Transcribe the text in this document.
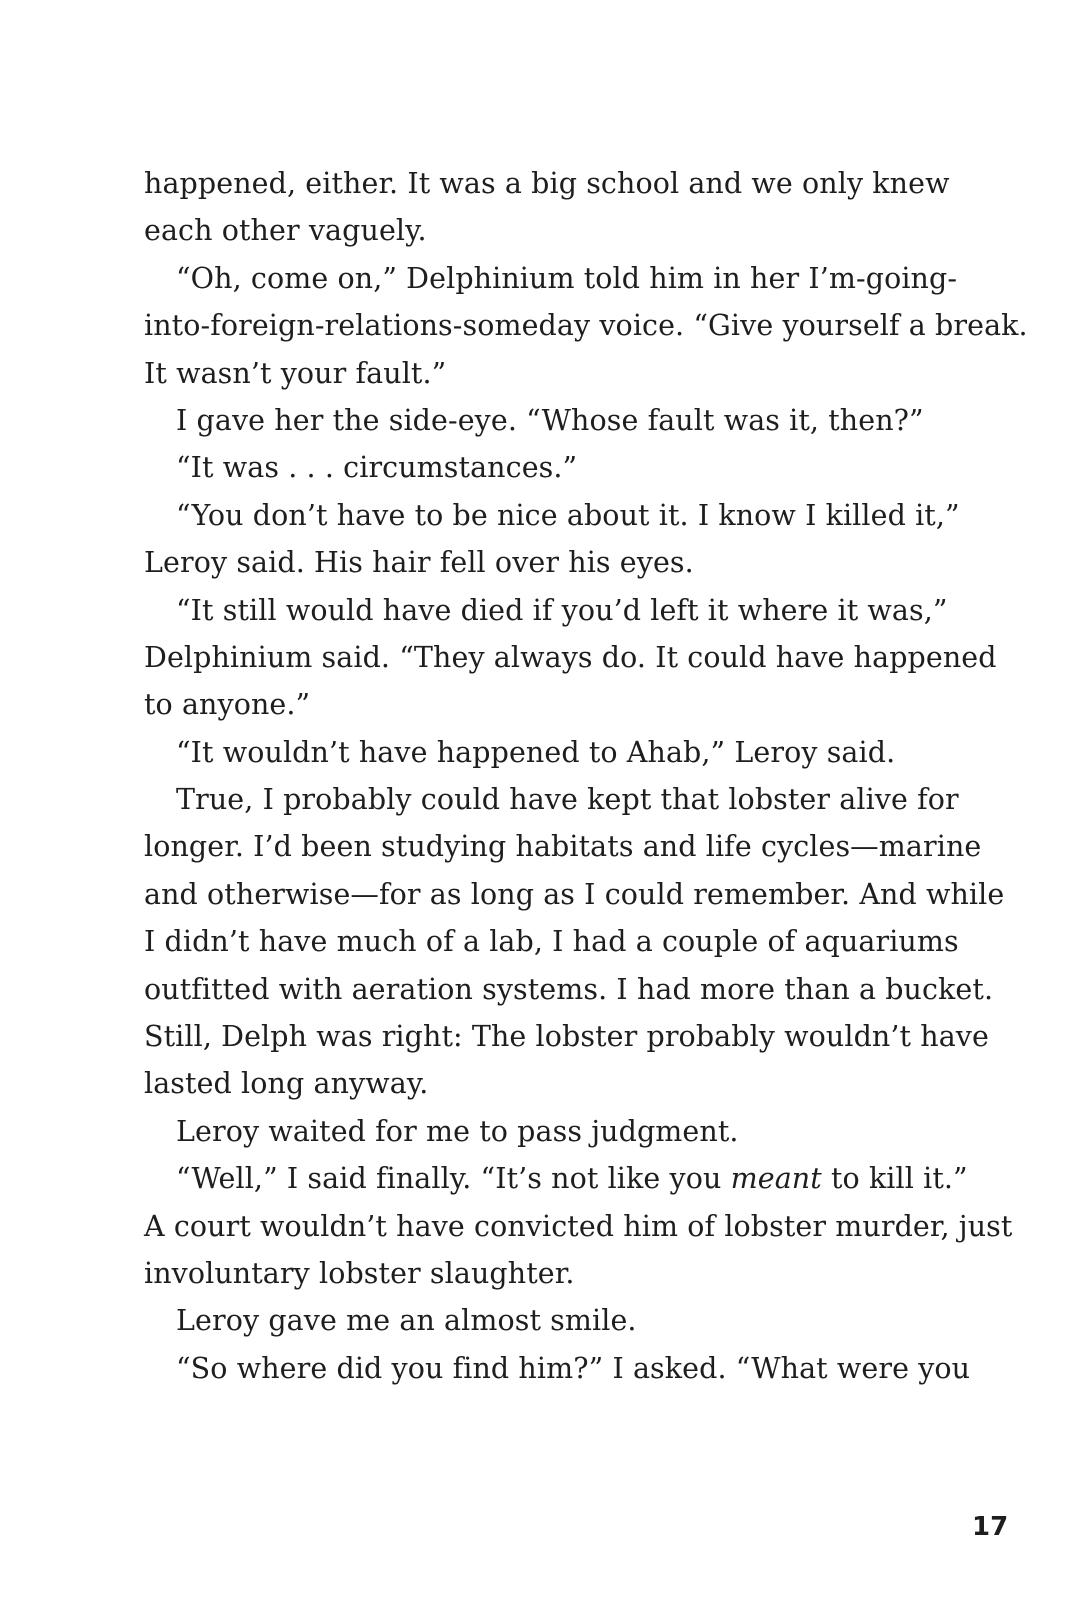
happened, either. It was a big school and we only knew
each other vaguely.
“Oh, come on,” Delphinium told him in her I’m-going-
into-foreign-relations-someday voice. “Give yourself a break.
It wasn’t your fault.”
I gave her the side-eye. “Whose fault was it, then?”
“It was . . . circumstances.”
“You don’t have to be nice about it. I know I killed it,”
Leroy said. His hair fell over his eyes.
“It still would have died if you’d left it where it was,”
Delphinium said. “They always do. It could have happened
to anyone.”
“It wouldn’t have happened to Ahab,” Leroy said.
True, I probably could have kept that lobster alive for
longer. I’d been studying habitats and life cycles—marine
and otherwise—for as long as I could remember. And while
I didn’t have much of a lab, I had a couple of aquariums
outfitted with aeration systems. I had more than a bucket.
Still, Delph was right: The lobster probably wouldn’t have
lasted long anyway.
Leroy waited for me to pass judgment.
“Well,” I said finally. “It’s not like you meant to kill it.”
A court wouldn’t have convicted him of lobster murder, just
involuntary lobster slaughter.
Leroy gave me an almost smile.
“So where did you find him?” I asked. “What were you
17
